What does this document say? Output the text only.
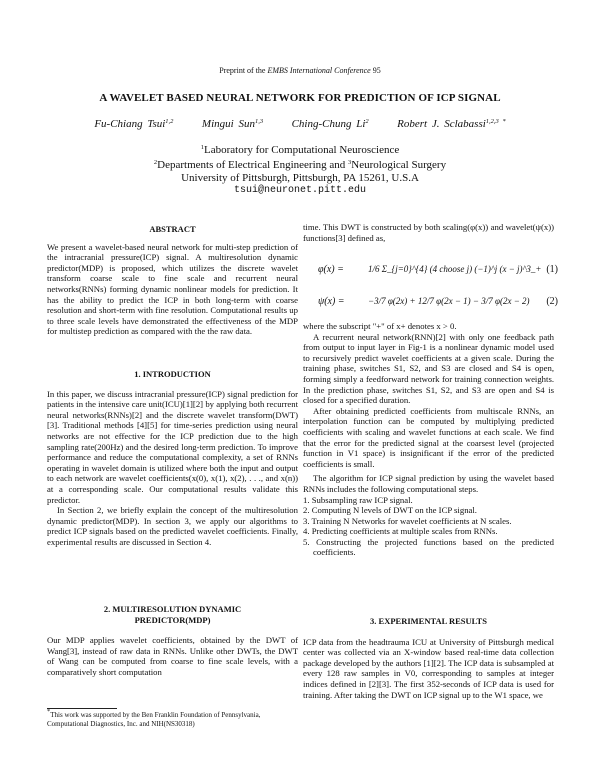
Preprint of the EMBS International Conference 95
A WAVELET BASED NEURAL NETWORK FOR PREDICTION OF ICP SIGNAL
Fu-Chiang Tsui$^{1,2}$	Mingui Sun$^{1,3}$	Ching-Chung Li$^2$	Robert J. Sclabassi$^{1,2,3 *}$
$^1$Laboratory for Computational Neuroscience
$^2$Departments of Electrical Engineering and $^3$Neurological Surgery
University of Pittsburgh, Pittsburgh, PA 15261, U.S.A
tsui@neuronet.pitt.edu
ABSTRACT

We present a wavelet-based neural network for multi-step prediction of the intracranial pressure(ICP) signal. A multiresolution dynamic predictor(MDP) is proposed, which utilizes the discrete wavelet transform coarse scale to fine scale and recurrent neural networks(RNNs) forming dynamic nonlinear models for prediction. It has the ability to predict the ICP in both long-term with coarse resolution and short-term with fine resolution. Computational results up to three scale levels have demonstrated the effectiveness of the MDP for multistep prediction as compared with the the raw data.

1. INTRODUCTION

In this paper, we discuss intracranial pressure(ICP) signal prediction for patients in the intensive care unit(ICU)[1][2] by applying both recurrent neural networks(RNNs)[2] and the discrete wavelet transform(DWT)[3]. Traditional methods [4][5] for time-series prediction using neural networks are not effective for the ICP prediction due to the high sampling rate(200Hz) and the desired long-term prediction. To improve performance and reduce the computational complexity, a set of RNNs operating in wavelet domain is utilized where both the input and output to each network are wavelet coefficients(x(0), x(1), x(2), . . ., and x(n)) at a corresponding scale. Our computational results validate this predictor.

In Section 2, we briefly explain the concept of the multiresolution dynamic predictor(MDP). In section 3, we apply our algorithms to predict ICP signals based on the predicted wavelet coefficients. Finally, experimental results are discussed in Section 4.

2. MULTIRESOLUTION DYNAMIC
PREDICTOR(MDP)

Our MDP applies wavelet coefficients, obtained by the DWT of Wang[3], instead of raw data in RNNs. Unlike other DWTs, the DWT of Wang can be computed from coarse to fine scale levels, with a comparatively short computation

*This work was supported by the Ben Franklin Foundation of Pennsylvania, Computational Diagnostics, Inc. and NIH(NS30318)
time. This DWT is constructed by both scaling(φ(x)) and wavelet(ψ(x)) functions[3] defined as,
φ(x) =	1/6 Σ_{j=0}^{4} (4 choose j) (−1)^j (x − j)^3_+ (1)
ψ(x) =	−3/7 φ(2x) + 12/7 φ(2x − 1) − 3/7 φ(2x − 2) (2)

where the subscript "+" of x+ denotes x > 0.

A recurrent neural network(RNN)[2] with only one feedback path from output to input layer in Fig-1 is a nonlinear dynamic model used to recursively predict wavelet coefficients at a given scale. During the training phase, switches S1, S2, and S3 are closed and S4 is open, forming simply a feedforward network for training connection weights. In the prediction phase, switches S1, S2, and S3 are open and S4 is closed for a specified duration.

After obtaining predicted coefficients from multiscale RNNs, an interpolation function can be computed by multiplying predicted coefficients with scaling and wavelet functions at each scale. We find that the error for the predicted signal at the coarsest level (projected function in V1 space) is insignificant if the error of the predicted coefficients is small.

The algorithm for ICP signal prediction by using the wavelet based RNNs includes the following computational steps.

1. Subsampling raw ICP signal.
2. Computing N levels of DWT on the ICP signal.
3. Training N Networks for wavelet coefficients at N scales.
4. Predicting coefficients at multiple scales from RNNs.
5. Constructing the projected functions based on the predicted coefficients.
3. EXPERIMENTAL RESULTS

ICP data from the headtrauma ICU at University of Pittsburgh medical center was collected via an X-window based real-time data collection package developed by the authors [1][2]. The ICP data is subsampled at every 128 raw samples in V0, corresponding to samples at integer indices defined in [2][3]. The first 352-seconds of ICP data is used for training. After taking the DWT on ICP signal up to the W1 space, we
